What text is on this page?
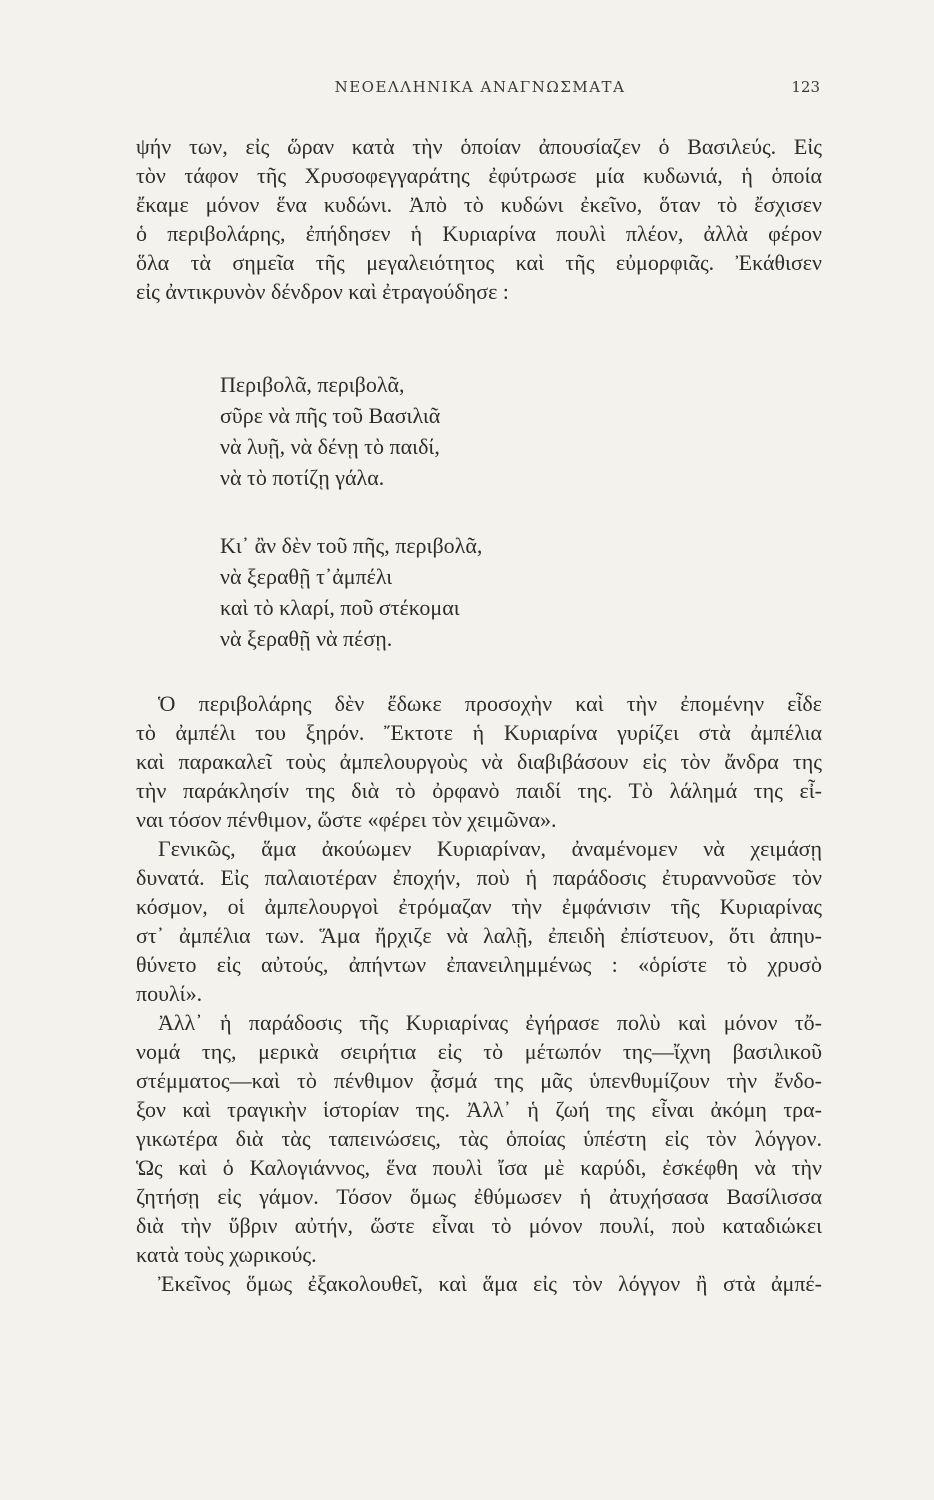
ΝΕΟΕΛΛΗΝΙΚΑ ΑΝΑΓΝΩΣΜΑΤΑ	123
ψήν των, εἰς ὥραν κατὰ τὴν ὁποίαν ἀπουσίαζεν ὁ Βασιλεύς. Εἰς
τὸν τάφον τῆς Χρυσοφεγγαράτης ἐφύτρωσε μία κυδωνιά, ἡ ὁποία
ἔκαμε μόνον ἕνα κυδώνι. Ἀπὸ τὸ κυδώνι ἐκεῖνο, ὅταν τὸ ἔσχισεν
ὁ περιβολάρης, ἐπήδησεν ἡ Κυριαρίνα πουλὶ πλέον, ἀλλὰ φέρον
ὅλα τὰ σημεῖα τῆς μεγαλειότητος καὶ τῆς εὐμορφιᾶς. Ἐκάθισεν
εἰς ἀντικρυνὸν δένδρον καὶ ἐτραγούδησε :
Περιβολᾶ, περιβολᾶ,
σῦρε νὰ πῆς τοῦ Βασιλιᾶ
νὰ λυῇ, νὰ δένῃ τὸ παιδί,
νὰ τὸ ποτίζῃ γάλα.
Κι᾽ ἂν δὲν τοῦ πῆς, περιβολᾶ,
νὰ ξεραθῇ τ᾽ἀμπέλι
καὶ τὸ κλαρί, ποῦ στέκομαι
νὰ ξεραθῇ νὰ πέσῃ.
Ὁ περιβολάρης δὲν ἔδωκε προσοχὴν καὶ τὴν ἐπομένην εἶδε
τὸ ἀμπέλι του ξηρόν. Ἔκτοτε ἡ Κυριαρίνα γυρίζει στὰ ἀμπέλια
καὶ παρακαλεῖ τοὺς ἀμπελουργοὺς νὰ διαβιβάσουν εἰς τὸν ἄνδρα της
τὴν παράκλησίν της διὰ τὸ ὀρφανὸ παιδί της. Τὸ λάλημά της εἶ-
ναι τόσον πένθιμον, ὥστε «φέρει τὸν χειμῶνα».
Γενικῶς, ἅμα ἀκούωμεν Κυριαρίναν, ἀναμένομεν νὰ χειμάσῃ
δυνατά. Εἰς παλαιοτέραν ἐποχήν, ποὺ ἡ παράδοσις ἐτυραννοῦσε τὸν
κόσμον, οἱ ἀμπελουργοὶ ἐτρόμαζαν τὴν ἐμφάνισιν τῆς Κυριαρίνας
στ᾽ ἀμπέλια των. Ἅμα ἤρχιζε νὰ λαλῇ, ἐπειδὴ ἐπίστευον, ὅτι ἀπηυ-
θύνετο εἰς αὐτούς, ἀπήντων ἐπανειλημμένως : «ὁρίστε τὸ χρυσὸ
πουλί».
Ἀλλ᾽ ἡ παράδοσις τῆς Κυριαρίνας ἐγήρασε πολὺ καὶ μόνον τὄ-
νομά της, μερικὰ σειρήτια εἰς τὸ μέτωπόν της—ἴχνη βασιλικοῦ
στέμματος—καὶ τὸ πένθιμον ᾆσμά της μᾶς ὑπενθυμίζουν τὴν ἔνδο-
ξον καὶ τραγικὴν ἱστορίαν της. Ἀλλ᾽ ἡ ζωή της εἶναι ἀκόμη τρα-
γικωτέρα διὰ τὰς ταπεινώσεις, τὰς ὁποίας ὑπέστη εἰς τὸν λόγγον.
Ὡς καὶ ὁ Καλογιάννος, ἕνα πουλὶ ἴσα μὲ καρύδι, ἐσκέφθη νὰ τὴν
ζητήσῃ εἰς γάμον. Τόσον ὅμως ἐθύμωσεν ἡ ἀτυχήσασα Βασίλισσα
διὰ τὴν ὕβριν αὐτήν, ὥστε εἶναι τὸ μόνον πουλί, ποὺ καταδιώκει
κατὰ τοὺς χωρικούς.
Ἐκεῖνος ὅμως ἐξακολουθεῖ, καὶ ἅμα εἰς τὸν λόγγον ἢ στὰ ἀμπέ-
